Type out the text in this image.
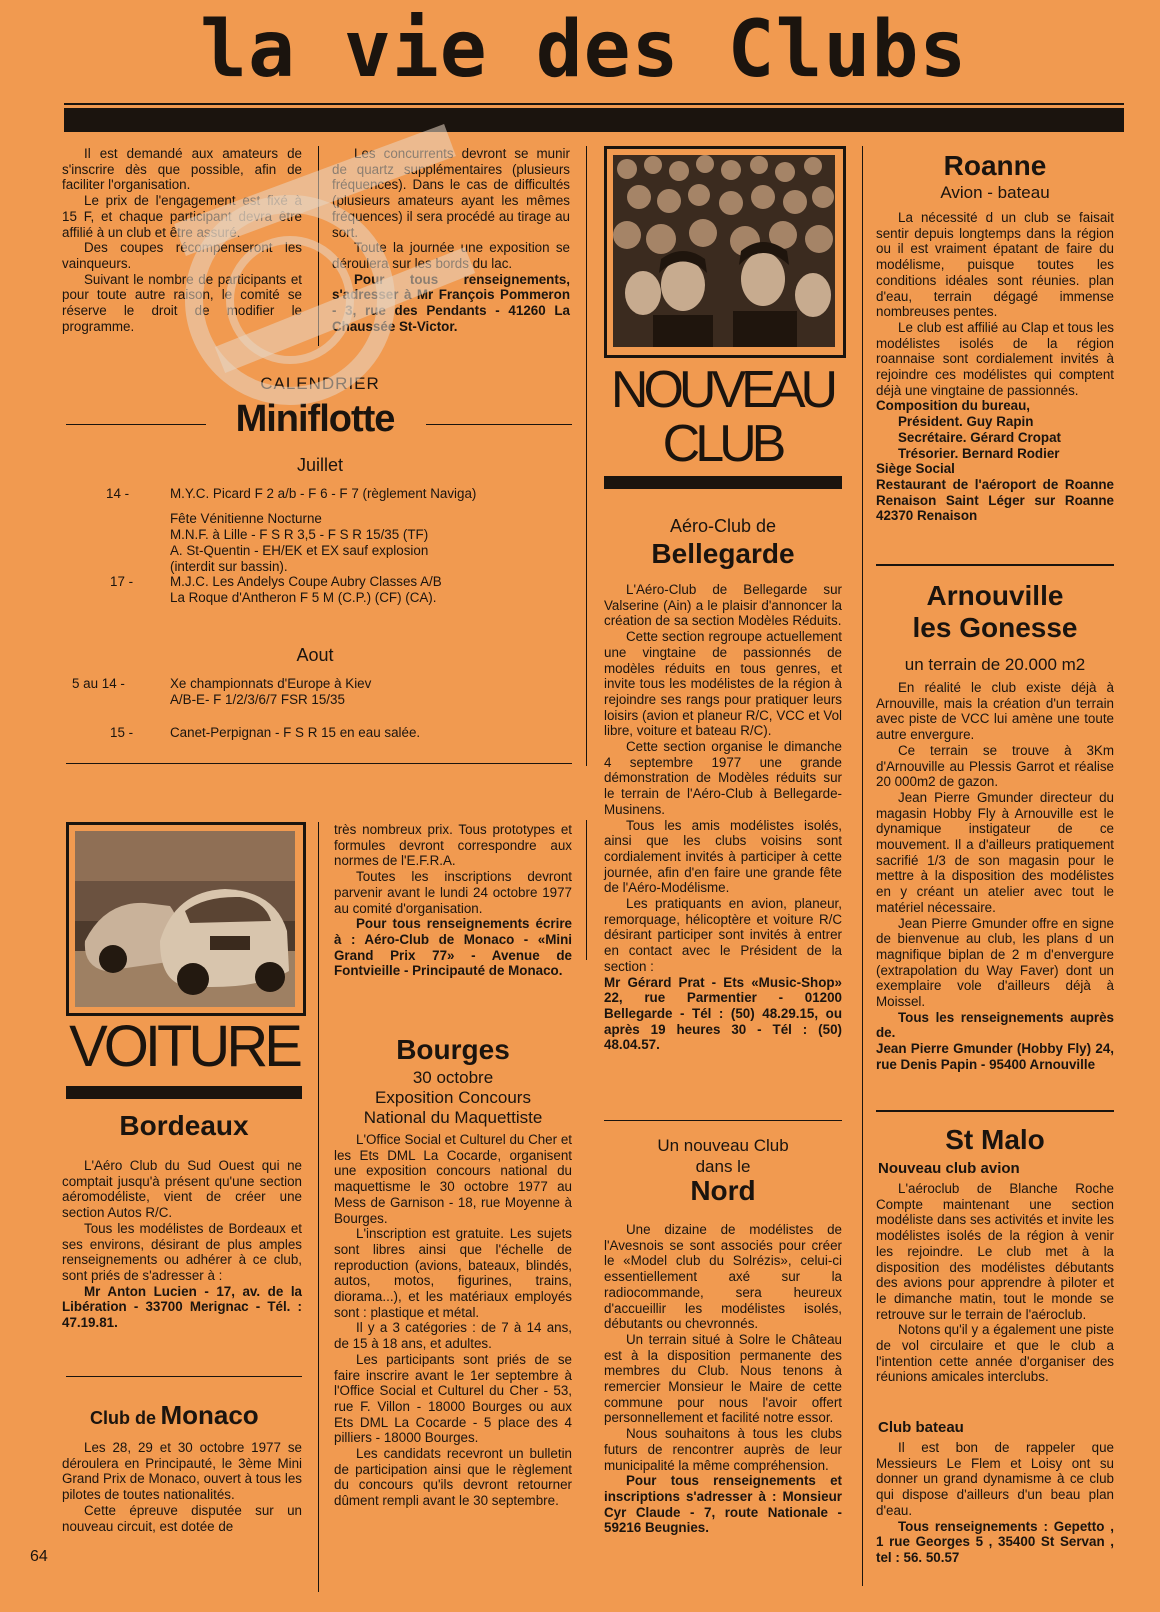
la vie des Clubs

Il est demandé aux amateurs de s'inscrire dès que possible, afin de faciliter l'organisation.

Le prix de l'engagement est fixé à 15 F, et chaque participant devra être affilié à un club et être assuré.

Des coupes récompenseront les vainqueurs.

Suivant le nombre de participants et pour toute autre raison, le comité se réserve le droit de modifier le programme.

Les concurrents devront se munir de quartz supplémentaires (plusieurs fréquences). Dans le cas de difficultés (plusieurs amateurs ayant les mêmes fréquences) il sera procédé au tirage au sort.

Toute la journée une exposition se déroulera sur les bords du lac.

Pour tous renseignements, s'adresser à Mr François Pommeron - 3, rue des Pendants - 41260 La Chaussée St-Victor.

CALENDRIER
Miniflotte
Juillet
14 -	M.Y.C. Picard F 2 a/b - F 6 - F 7 (règlement Naviga)
Fête Vénitienne Nocturne
M.N.F. à Lille - F S R 3,5 - F S R 15/35 (TF)
A. St-Quentin - EH/EK et EX sauf explosion
(interdit sur bassin).
17 -	M.J.C. Les Andelys Coupe Aubry Classes A/B
La Roque d'Antheron F 5 M (C.P.) (CF) (CA).
Aout
5 au 14 -	Xe championnats d'Europe à Kiev
A/B-E- F 1/2/3/6/7 FSR 15/35
15 -	Canet-Perpignan - F S R 15 en eau salée.
VOITURE
Bordeaux

L'Aéro Club du Sud Ouest qui ne comptait jusqu'à présent qu'une section aéromodéliste, vient de créer une section Autos R/C.

Tous les modélistes de Bordeaux et ses environs, désirant de plus amples renseignements ou adhérer à ce club, sont priés de s'adresser à :

Mr Anton Lucien - 17, av. de la Libération - 33700 Merignac - Tél. : 47.19.81.

Club de Monaco

Les 28, 29 et 30 octobre 1977 se déroulera en Principauté, le 3ème Mini Grand Prix de Monaco, ouvert à tous les pilotes de toutes nationalités.

Cette épreuve disputée sur un nouveau circuit, est dotée de

64

très nombreux prix. Tous prototypes et formules devront correspondre aux normes de l'E.F.R.A.

Toutes les inscriptions devront parvenir avant le lundi 24 octobre 1977 au comité d'organisation.

Pour tous renseignements écrire à : Aéro-Club de Monaco - «Mini Grand Prix 77» - Avenue de Fontvieille - Principauté de Monaco.

Bourges
30 octobre
Exposition Concours
National du Maquettiste

L'Office Social et Culturel du Cher et les Ets DML La Cocarde, organisent une exposition concours national du maquettisme le 30 octobre 1977 au Mess de Garnison - 18, rue Moyenne à Bourges.

L'inscription est gratuite. Les sujets sont libres ainsi que l'échelle de reproduction (avions, bateaux, blindés, autos, motos, figurines, trains, diorama...), et les matériaux employés sont : plastique et métal.

Il y a 3 catégories : de 7 à 14 ans, de 15 à 18 ans, et adultes.

Les participants sont priés de se faire inscrire avant le 1er septembre à l'Office Social et Culturel du Cher - 53, rue F. Villon - 18000 Bourges ou aux Ets DML La Cocarde - 5 place des 4 pilliers - 18000 Bourges.

Les candidats recevront un bulletin de participation ainsi que le règlement du concours qu'ils devront retourner dûment rempli avant le 30 septembre.

NOUVEAU
CLUB
Aéro-Club de
Bellegarde

L'Aéro-Club de Bellegarde sur Valserine (Ain) a le plaisir d'annoncer la création de sa section Modèles Réduits.

Cette section regroupe actuellement une vingtaine de passionnés de modèles réduits en tous genres, et invite tous les modélistes de la région à rejoindre ses rangs pour pratiquer leurs loisirs (avion et planeur R/C, VCC et Vol libre, voiture et bateau R/C).

Cette section organise le dimanche 4 septembre 1977 une grande démonstration de Modèles réduits sur le terrain de l'Aéro-Club à Bellegarde-Musinens.

Tous les amis modélistes isolés, ainsi que les clubs voisins sont cordialement invités à participer à cette journée, afin d'en faire une grande fête de l'Aéro-Modélisme.

Les pratiquants en avion, planeur, remorquage, hélicoptère et voiture R/C désirant participer sont invités à entrer en contact avec le Président de la section :

Mr Gérard Prat - Ets «Music-Shop» 22, rue Parmentier - 01200 Bellegarde - Tél : (50) 48.29.15, ou après 19 heures 30 - Tél : (50) 48.04.57.

Un nouveau Club
dans le
Nord

Une dizaine de modélistes de l'Avesnois se sont associés pour créer le «Model club du Solrézis», celui-ci essentiellement axé sur la radiocommande, sera heureux d'accueillir les modélistes isolés, débutants ou chevronnés.

Un terrain situé à Solre le Château est à la disposition permanente des membres du Club. Nous tenons à remercier Monsieur le Maire de cette commune pour nous l'avoir offert personnellement et facilité notre essor.

Nous souhaitons à tous les clubs futurs de rencontrer auprès de leur municipalité la même compréhension.

Pour tous renseignements et inscriptions s'adresser à : Monsieur Cyr Claude - 7, route Nationale - 59216 Beugnies.

Roanne
Avion - bateau

La nécessité d un club se faisait sentir depuis longtemps dans la région ou il est vraiment épatant de faire du modélisme, puisque toutes les conditions idéales sont réunies. plan d'eau, terrain dégagé immense nombreuses pentes.

Le club est affilié au Clap et tous les modélistes isolés de la région roannaise sont cordialement invités à rejoindre ces modélistes qui comptent déjà une vingtaine de passionnés.

Composition du bureau,

Président. Guy Rapin

Secrétaire. Gérard Cropat

Trésorier. Bernard Rodier

Siège Social

Restaurant de l'aéroport de Roanne Renaison Saint Léger sur Roanne 42370 Renaison

Arnouville
les Gonesse
un terrain de 20.000 m2

En réalité le club existe déjà à Arnouville, mais la création d'un terrain avec piste de VCC lui amène une toute autre envergure.

Ce terrain se trouve à 3Km d'Arnouville au Plessis Garrot et réalise 20 000m2 de gazon.

Jean Pierre Gmunder directeur du magasin Hobby Fly à Arnouville est le dynamique instigateur de ce mouvement. Il a d'ailleurs pratiquement sacrifié 1/3 de son magasin pour le mettre à la disposition des modélistes en y créant un atelier avec tout le matériel nécessaire.

Jean Pierre Gmunder offre en signe de bienvenue au club, les plans d un magnifique biplan de 2 m d'envergure (extrapolation du Way Faver) dont un exemplaire vole d'ailleurs déjà à Moissel.

Tous les renseignements auprès de.

Jean Pierre Gmunder (Hobby Fly) 24, rue Denis Papin - 95400 Arnouville

St Malo
Nouveau club avion

L'aéroclub de Blanche Roche Compte maintenant une section modéliste dans ses activités et invite les modélistes isolés de la région à venir les rejoindre. Le club met à la disposition des modélistes débutants des avions pour apprendre à piloter et le dimanche matin, tout le monde se retrouve sur le terrain de l'aéroclub.

Notons qu'il y a également une piste de vol circulaire et que le club a l'intention cette année d'organiser des réunions amicales interclubs.

Club bateau

Il est bon de rappeler que Messieurs Le Flem et Loisy ont su donner un grand dynamisme à ce club qui dispose d'ailleurs d'un beau plan d'eau.

Tous renseignements : Gepetto , 1 rue Georges 5 , 35400 St Servan , tel : 56. 50.57
